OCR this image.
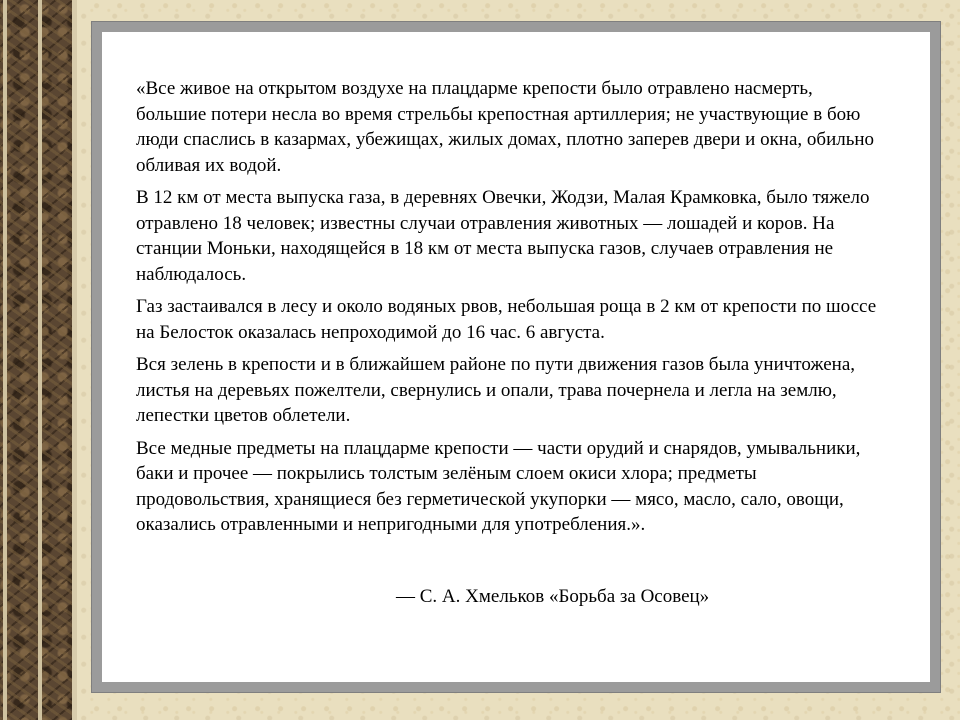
«Все живое на открытом воздухе на плацдарме крепости было отравлено насмерть, большие потери несла во время стрельбы крепостная артиллерия; не участвующие в бою люди спаслись в казармах, убежищах, жилых домах, плотно заперев двери и окна, обильно обливая их водой.

В 12 км от места выпуска газа, в деревнях Овечки, Жодзи, Малая Крамковка, было тяжело отравлено 18 человек; известны случаи отравления животных — лошадей и коров. На станции Моньки, находящейся в 18 км от места выпуска газов, случаев отравления не наблюдалось.

Газ застаивался в лесу и около водяных рвов, небольшая роща в 2 км от крепости по шоссе на Белосток оказалась непроходимой до 16 час. 6 августа.

Вся зелень в крепости и в ближайшем районе по пути движения газов была уничтожена, листья на деревьях пожелтели, свернулись и опали, трава почернела и легла на землю, лепестки цветов облетели.

Все медные предметы на плацдарме крепости — части орудий и снарядов, умывальники, баки и прочее — покрылись толстым зелёным слоем окиси хлора; предметы продовольствия, хранящиеся без герметической укупорки — мясо, масло, сало, овощи, оказались отравленными и непригодными для употребления.».

— С. А. Хмельков «Борьба за Осовец»
